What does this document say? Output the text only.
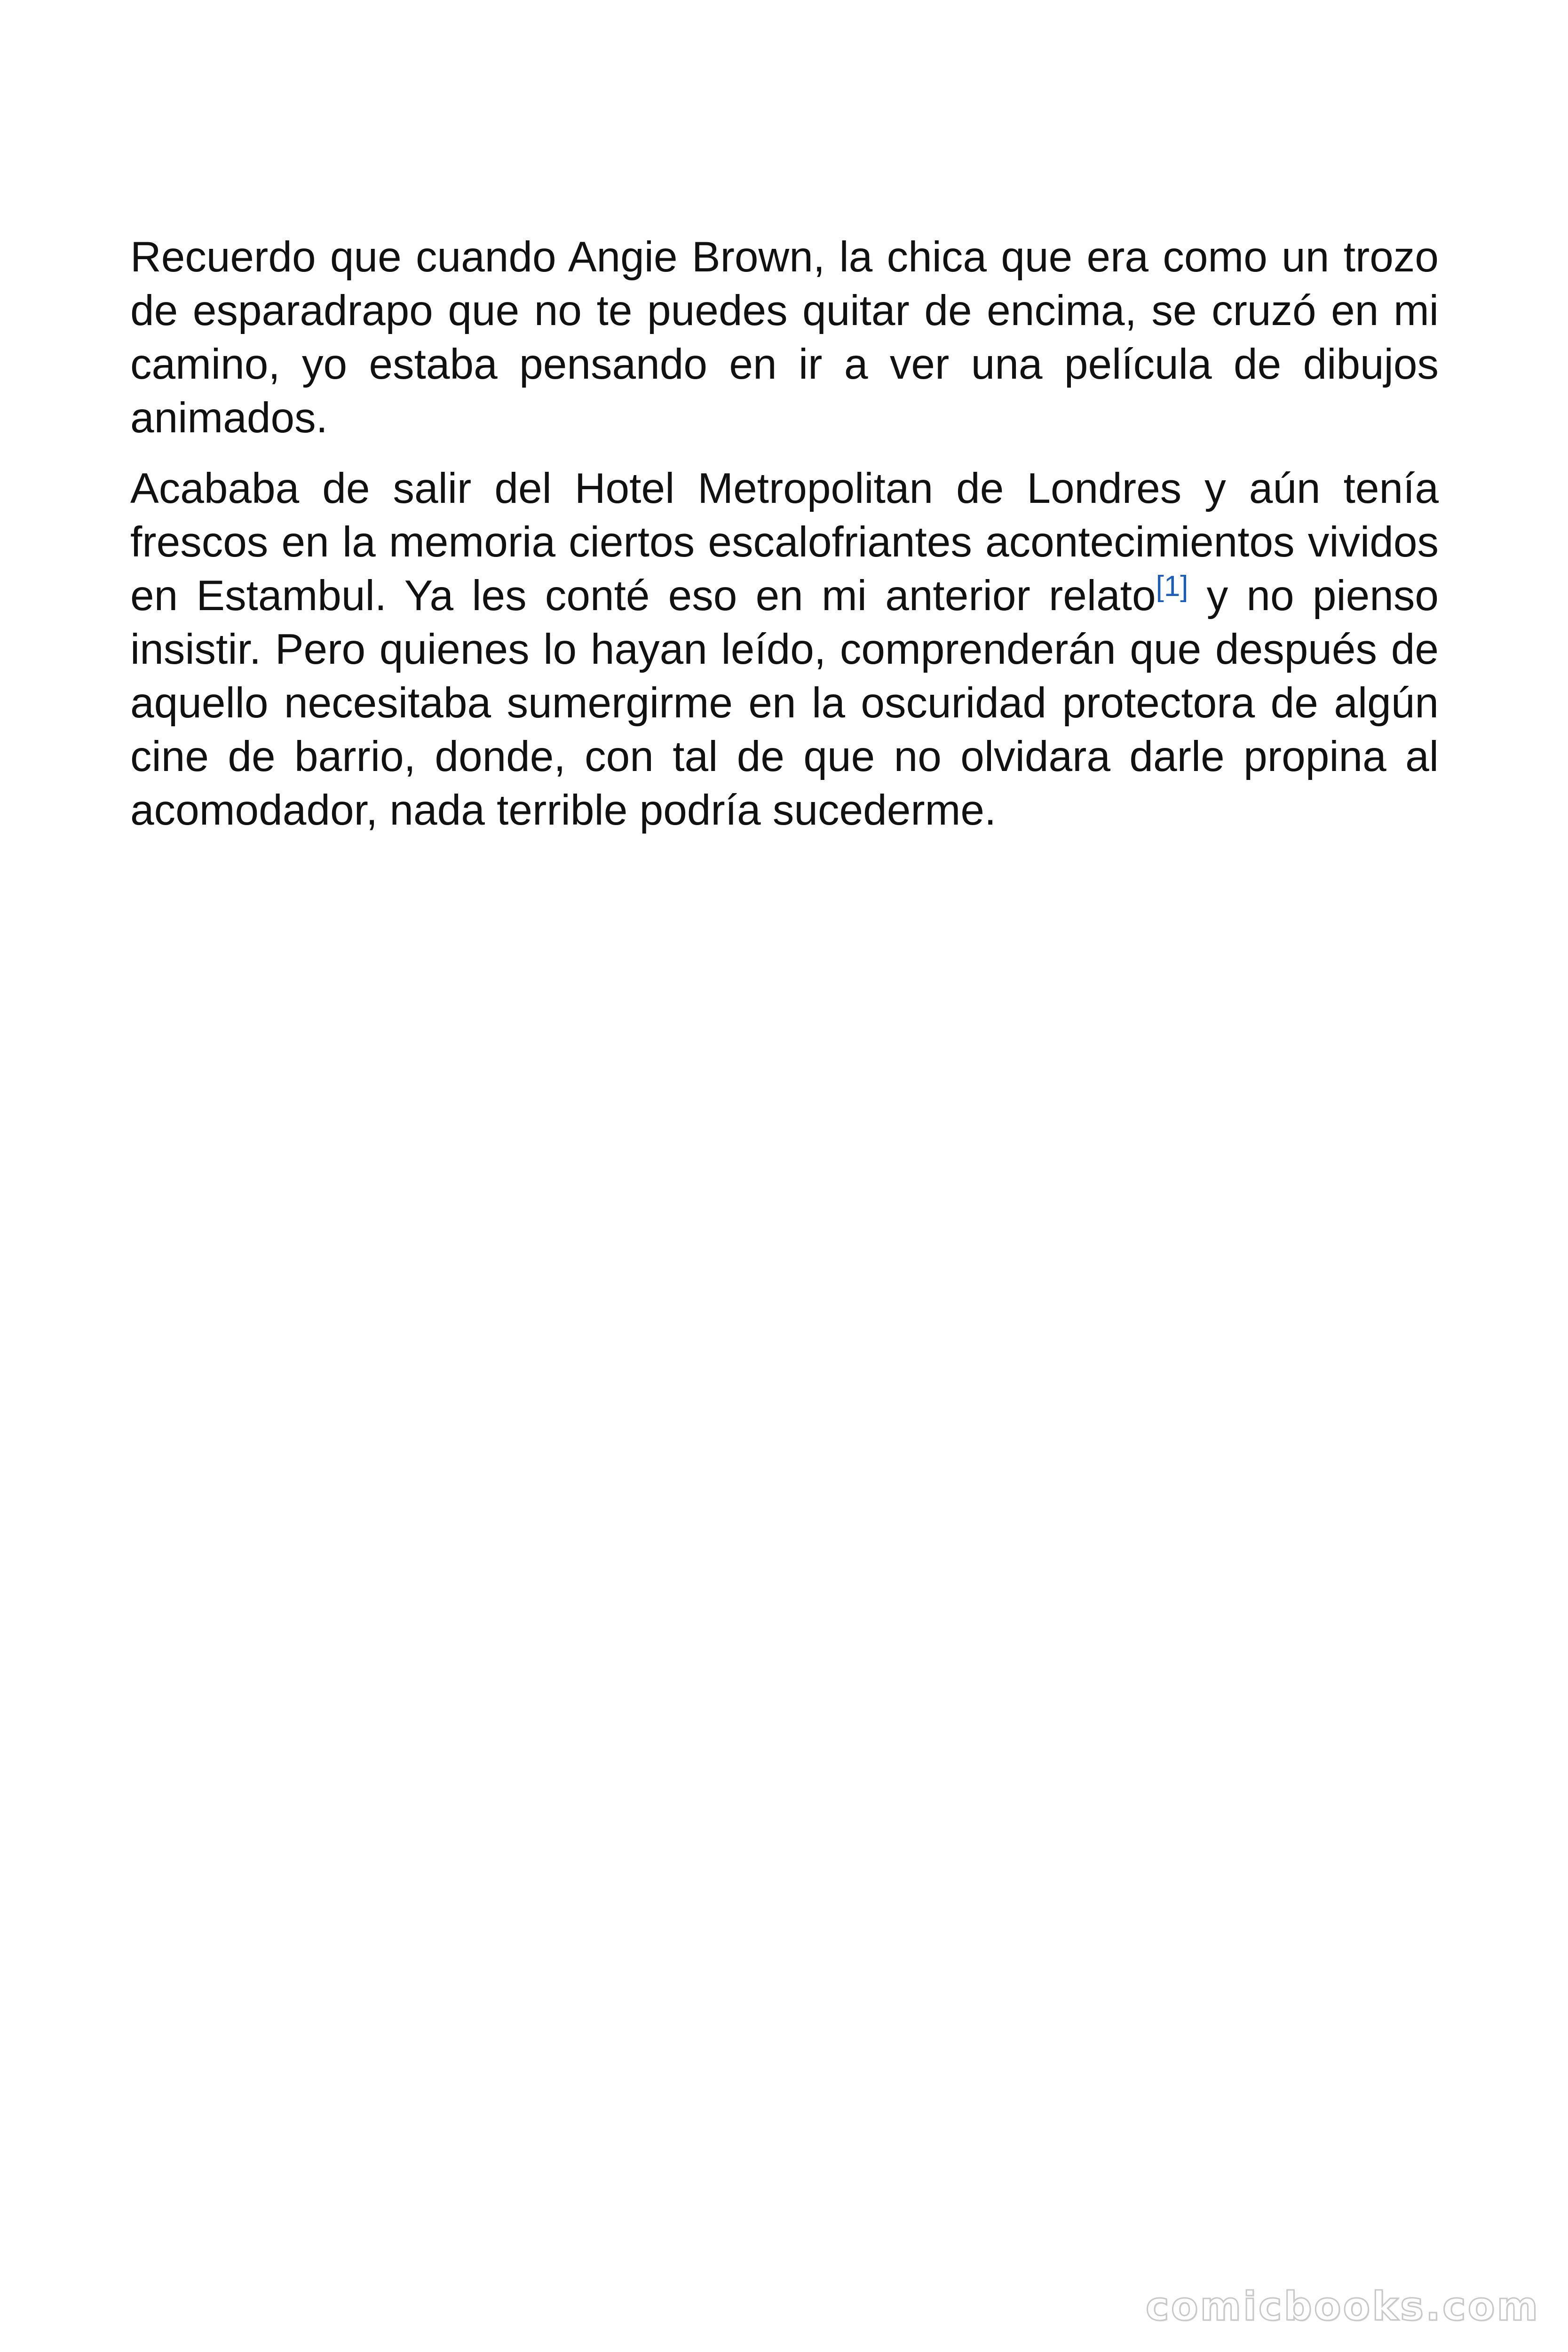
Recuerdo que cuando Angie Brown, la chica que era como un trozo de esparadrapo que no te puedes quitar de encima, se cruzó en mi camino, yo estaba pensando en ir a ver una película de dibujos animados.

Acababa de salir del Hotel Metropolitan de Londres y aún tenía frescos en la memoria ciertos escalofriantes acontecimientos vividos en Estambul. Ya les conté eso en mi anterior relato[1] y no pienso insistir. Pero quienes lo hayan leído, comprenderán que después de aquello necesitaba sumergirme en la oscuridad protectora de algún cine de barrio, donde, con tal de que no olvidara darle propina al acomodador, nada terrible podría sucederme.

comicbooks.com
